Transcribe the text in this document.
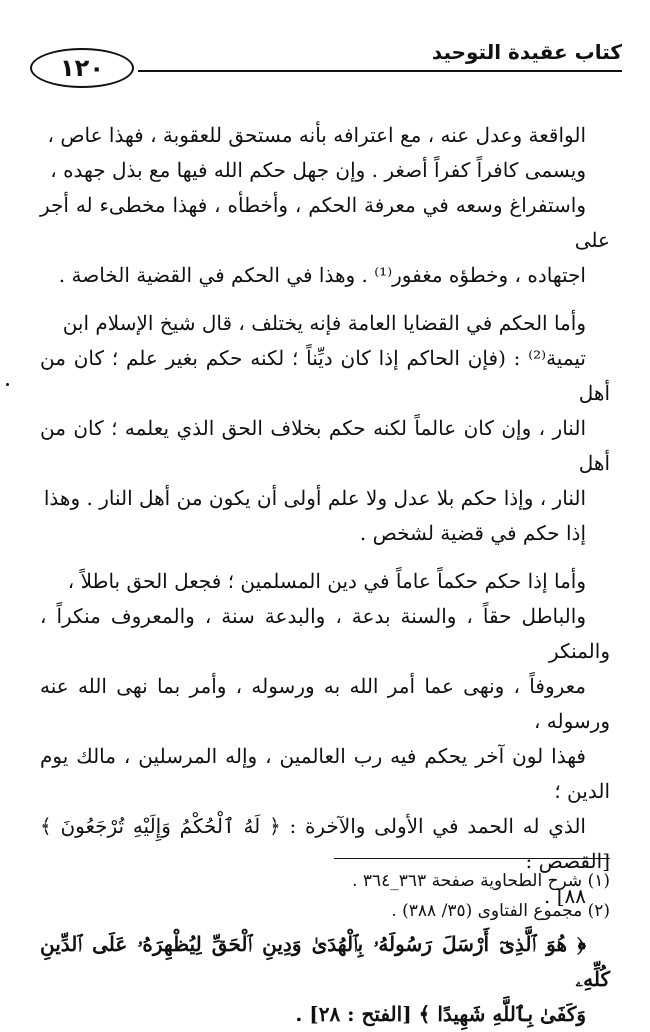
كتاب عقيدة التوحيد
١٢٠

الواقعة وعدل عنه ، مع اعترافه بأنه مستحق للعقوبة ، فهذا عاص ،
ويسمى كافراً كفراً أصغر . وإن جهل حكم الله فيها مع بذل جهده ،
واستفراغ وسعه في معرفة الحكم ، وأخطأه ، فهذا مخطىء له أجر على
اجتهاده ، وخطؤه مغفور⁽¹⁾ . وهذا في الحكم في القضية الخاصة .

وأما الحكم في القضايا العامة فإنه يختلف ، قال شيخ الإسلام ابن
تيمية⁽²⁾ : (فإن الحاكم إذا كان ديِّناً ؛ لكنه حكم بغير علم ؛ كان من أهل
النار ، وإن كان عالماً لكنه حكم بخلاف الحق الذي يعلمه ؛ كان من أهل
النار ، وإذا حكم بلا عدل ولا علم أولى أن يكون من أهل النار . وهذا
إذا حكم في قضية لشخص .

وأما إذا حكم حكماً عاماً في دين المسلمين ؛ فجعل الحق باطلاً ،
والباطل حقاً ، والسنة بدعة ، والبدعة سنة ، والمعروف منكراً ، والمنكر
معروفاً ، ونهى عما أمر الله به ورسوله ، وأمر بما نهى الله عنه ورسوله ،
فهذا لون آخر يحكم فيه رب العالمين ، وإله المرسلين ، مالك يوم الدين ؛
الذي له الحمد في الأولى والآخرة : ﴿ لَهُ ٱلْحُكْمُ وَإِلَيْهِ تُرْجَعُونَ ﴾ [القصص :
٨٨] .

﴿ هُوَ ٱلَّذِىٓ أَرْسَلَ رَسُولَهُۥ بِٱلْهُدَىٰ وَدِينِ ٱلْحَقِّ لِيُظْهِرَهُۥ عَلَى ٱلدِّينِ كُلِّهِۦ
وَكَفَىٰ بِٱللَّهِ شَهِيدًا ﴾ [الفتح : ٢٨] .

(١) شرح الطحاوية صفحة ٣٦٣_٣٦٤ .
(٢) مجموع الفتاوى (٣٥/ ٣٨٨) .
